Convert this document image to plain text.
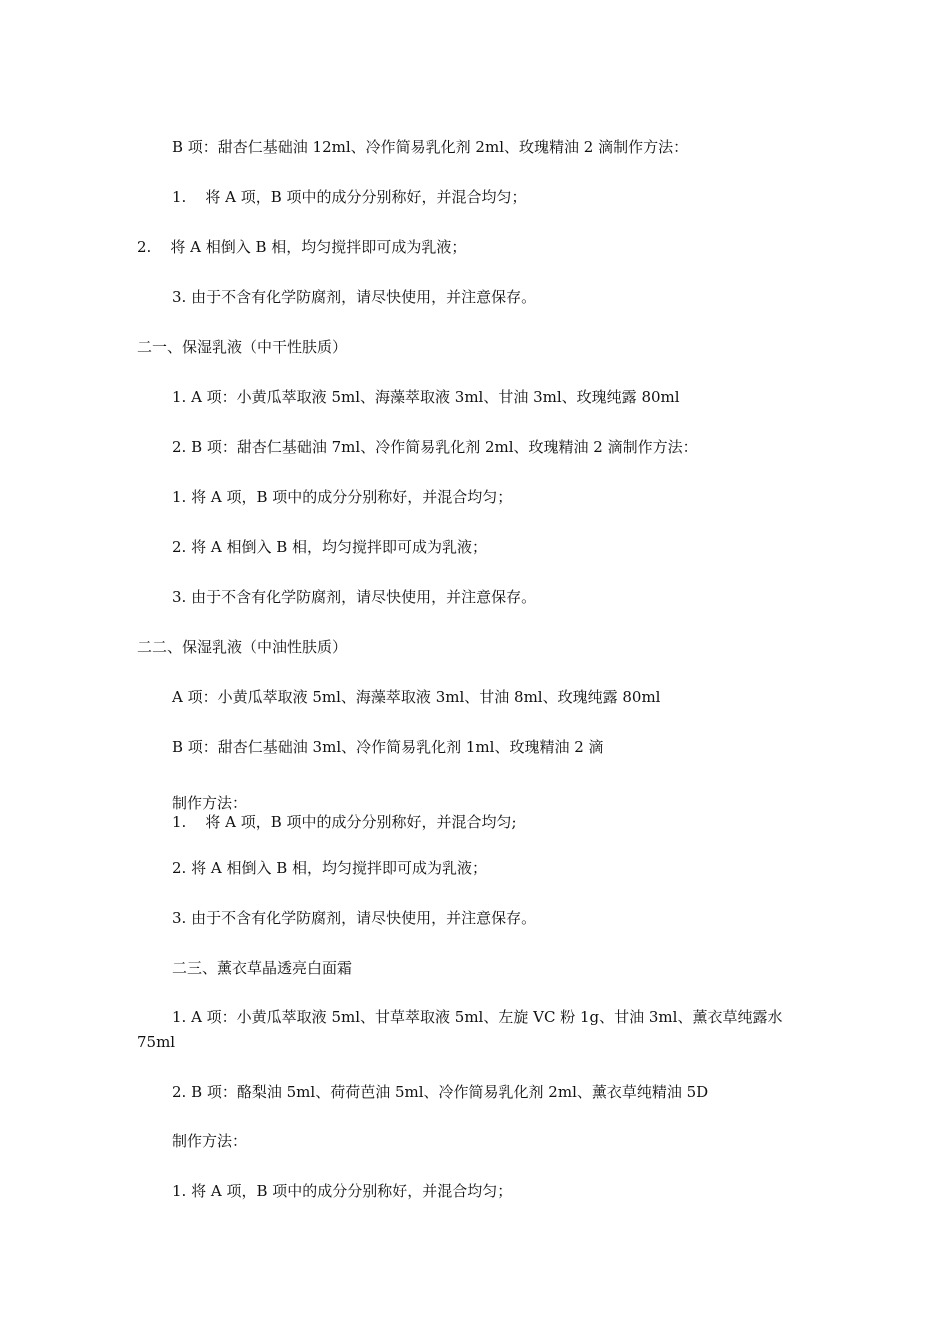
B 项：甜杏仁基础油 12ml、冷作简易乳化剂 2ml、玫瑰精油 2 滴制作方法：

1.    将 A 项，B 项中的成分分别称好，并混合均匀；

2.    将 A 相倒入 B 相，均匀搅拌即可成为乳液；

3. 由于不含有化学防腐剂，请尽快使用，并注意保存。

二一、保湿乳液（中干性肤质）

1. A 项：小黄瓜萃取液 5ml、海藻萃取液 3ml、甘油 3ml、玫瑰纯露 80ml

2. B 项：甜杏仁基础油 7ml、冷作简易乳化剂 2ml、玫瑰精油 2 滴制作方法：

1. 将 A 项，B 项中的成分分别称好，并混合均匀；

2. 将 A 相倒入 B 相，均匀搅拌即可成为乳液；

3. 由于不含有化学防腐剂，请尽快使用，并注意保存。

二二、保湿乳液（中油性肤质）

A 项：小黄瓜萃取液 5ml、海藻萃取液 3ml、甘油 8ml、玫瑰纯露 80ml

B 项：甜杏仁基础油 3ml、冷作简易乳化剂 1ml、玫瑰精油 2 滴

制作方法：

1.    将 A 项，B 项中的成分分别称好，并混合均匀;

2. 将 A 相倒入 B 相，均匀搅拌即可成为乳液；

3. 由于不含有化学防腐剂，请尽快使用，并注意保存。

二三、薰衣草晶透亮白面霜

1. A 项：小黄瓜萃取液 5ml、甘草萃取液 5ml、左旋 VC 粉 1g、甘油 3ml、薰衣草纯露水

75ml

2. B 项：酪梨油 5ml、荷荷芭油 5ml、冷作简易乳化剂 2ml、薰衣草纯精油 5D

制作方法：

1. 将 A 项，B 项中的成分分别称好，并混合均匀；
